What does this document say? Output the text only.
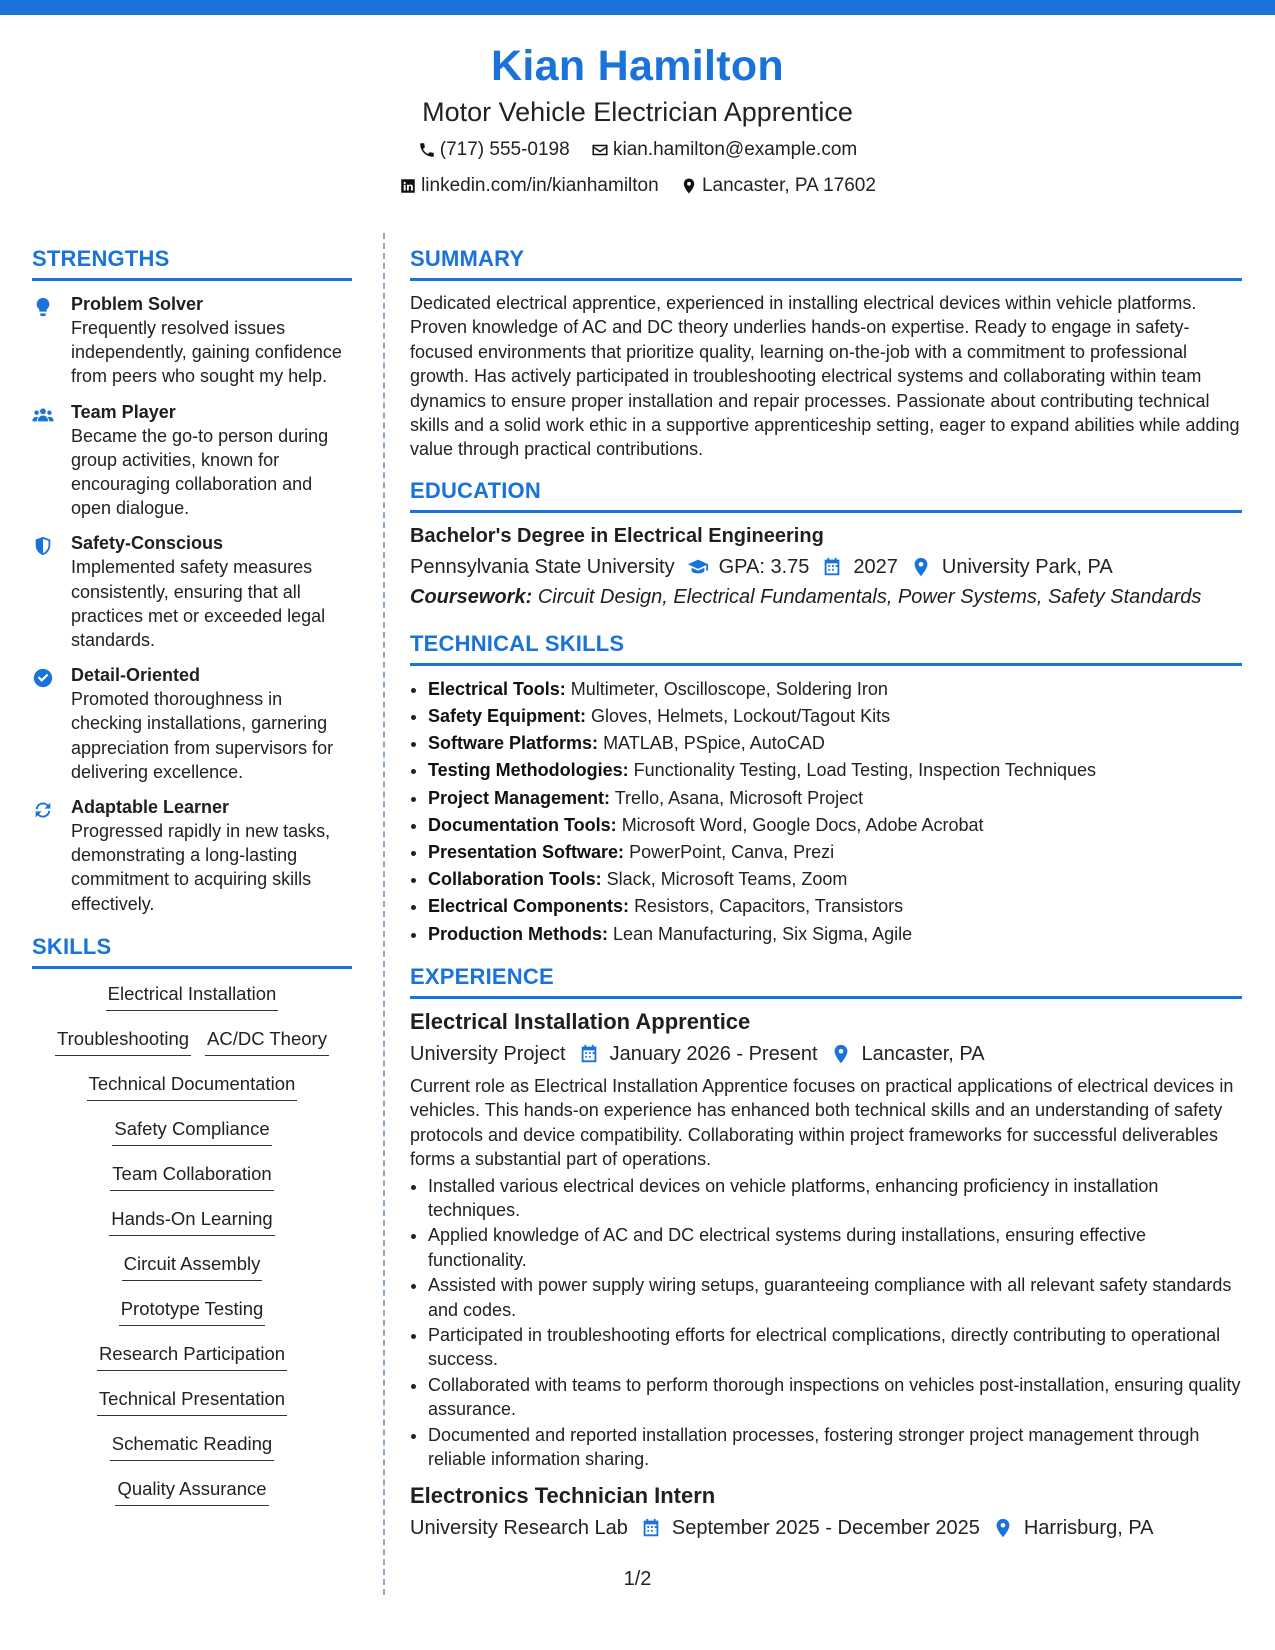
Kian Hamilton
Motor Vehicle Electrician Apprentice
(717) 555-0198
kian.hamilton@example.com
linkedin.com/in/kianhamilton
Lancaster, PA 17602
STRENGTHS
Problem Solver
Frequently resolved issues independently, gaining confidence from peers who sought my help.
Team Player
Became the go-to person during group activities, known for encouraging collaboration and open dialogue.
Safety-Conscious
Implemented safety measures consistently, ensuring that all practices met or exceeded legal standards.
Detail-Oriented
Promoted thoroughness in checking installations, garnering appreciation from supervisors for delivering excellence.
Adaptable Learner
Progressed rapidly in new tasks, demonstrating a long-lasting commitment to acquiring skills effectively.
SKILLS
Electrical Installation
Troubleshooting AC/DC Theory
Technical Documentation
Safety Compliance
Team Collaboration
Hands-On Learning
Circuit Assembly
Prototype Testing
Research Participation
Technical Presentation
Schematic Reading
Quality Assurance
SUMMARY
Dedicated electrical apprentice, experienced in installing electrical devices within vehicle platforms. Proven knowledge of AC and DC theory underlies hands-on expertise. Ready to engage in safety-focused environments that prioritize quality, learning on-the-job with a commitment to professional growth. Has actively participated in troubleshooting electrical systems and collaborating within team dynamics to ensure proper installation and repair processes. Passionate about contributing technical skills and a solid work ethic in a supportive apprenticeship setting, eager to expand abilities while adding value through practical contributions.
EDUCATION
Bachelor's Degree in Electrical Engineering
Pennsylvania State University GPA: 3.75 2027 University Park, PA
Coursework: Circuit Design, Electrical Fundamentals, Power Systems, Safety Standards
TECHNICAL SKILLS
• Electrical Tools: Multimeter, Oscilloscope, Soldering Iron
• Safety Equipment: Gloves, Helmets, Lockout/Tagout Kits
• Software Platforms: MATLAB, PSpice, AutoCAD
• Testing Methodologies: Functionality Testing, Load Testing, Inspection Techniques
• Project Management: Trello, Asana, Microsoft Project
• Documentation Tools: Microsoft Word, Google Docs, Adobe Acrobat
• Presentation Software: PowerPoint, Canva, Prezi
• Collaboration Tools: Slack, Microsoft Teams, Zoom
• Electrical Components: Resistors, Capacitors, Transistors
• Production Methods: Lean Manufacturing, Six Sigma, Agile
EXPERIENCE
Electrical Installation Apprentice
University Project January 2026 - Present Lancaster, PA
Current role as Electrical Installation Apprentice focuses on practical applications of electrical devices in vehicles. This hands-on experience has enhanced both technical skills and an understanding of safety protocols and device compatibility. Collaborating within project frameworks for successful deliverables forms a substantial part of operations.
• Installed various electrical devices on vehicle platforms, enhancing proficiency in installation techniques.
• Applied knowledge of AC and DC electrical systems during installations, ensuring effective functionality.
• Assisted with power supply wiring setups, guaranteeing compliance with all relevant safety standards and codes.
• Participated in troubleshooting efforts for electrical complications, directly contributing to operational success.
• Collaborated with teams to perform thorough inspections on vehicles post-installation, ensuring quality assurance.
• Documented and reported installation processes, fostering stronger project management through reliable information sharing.
Electronics Technician Intern
University Research Lab September 2025 - December 2025 Harrisburg, PA
1/2
